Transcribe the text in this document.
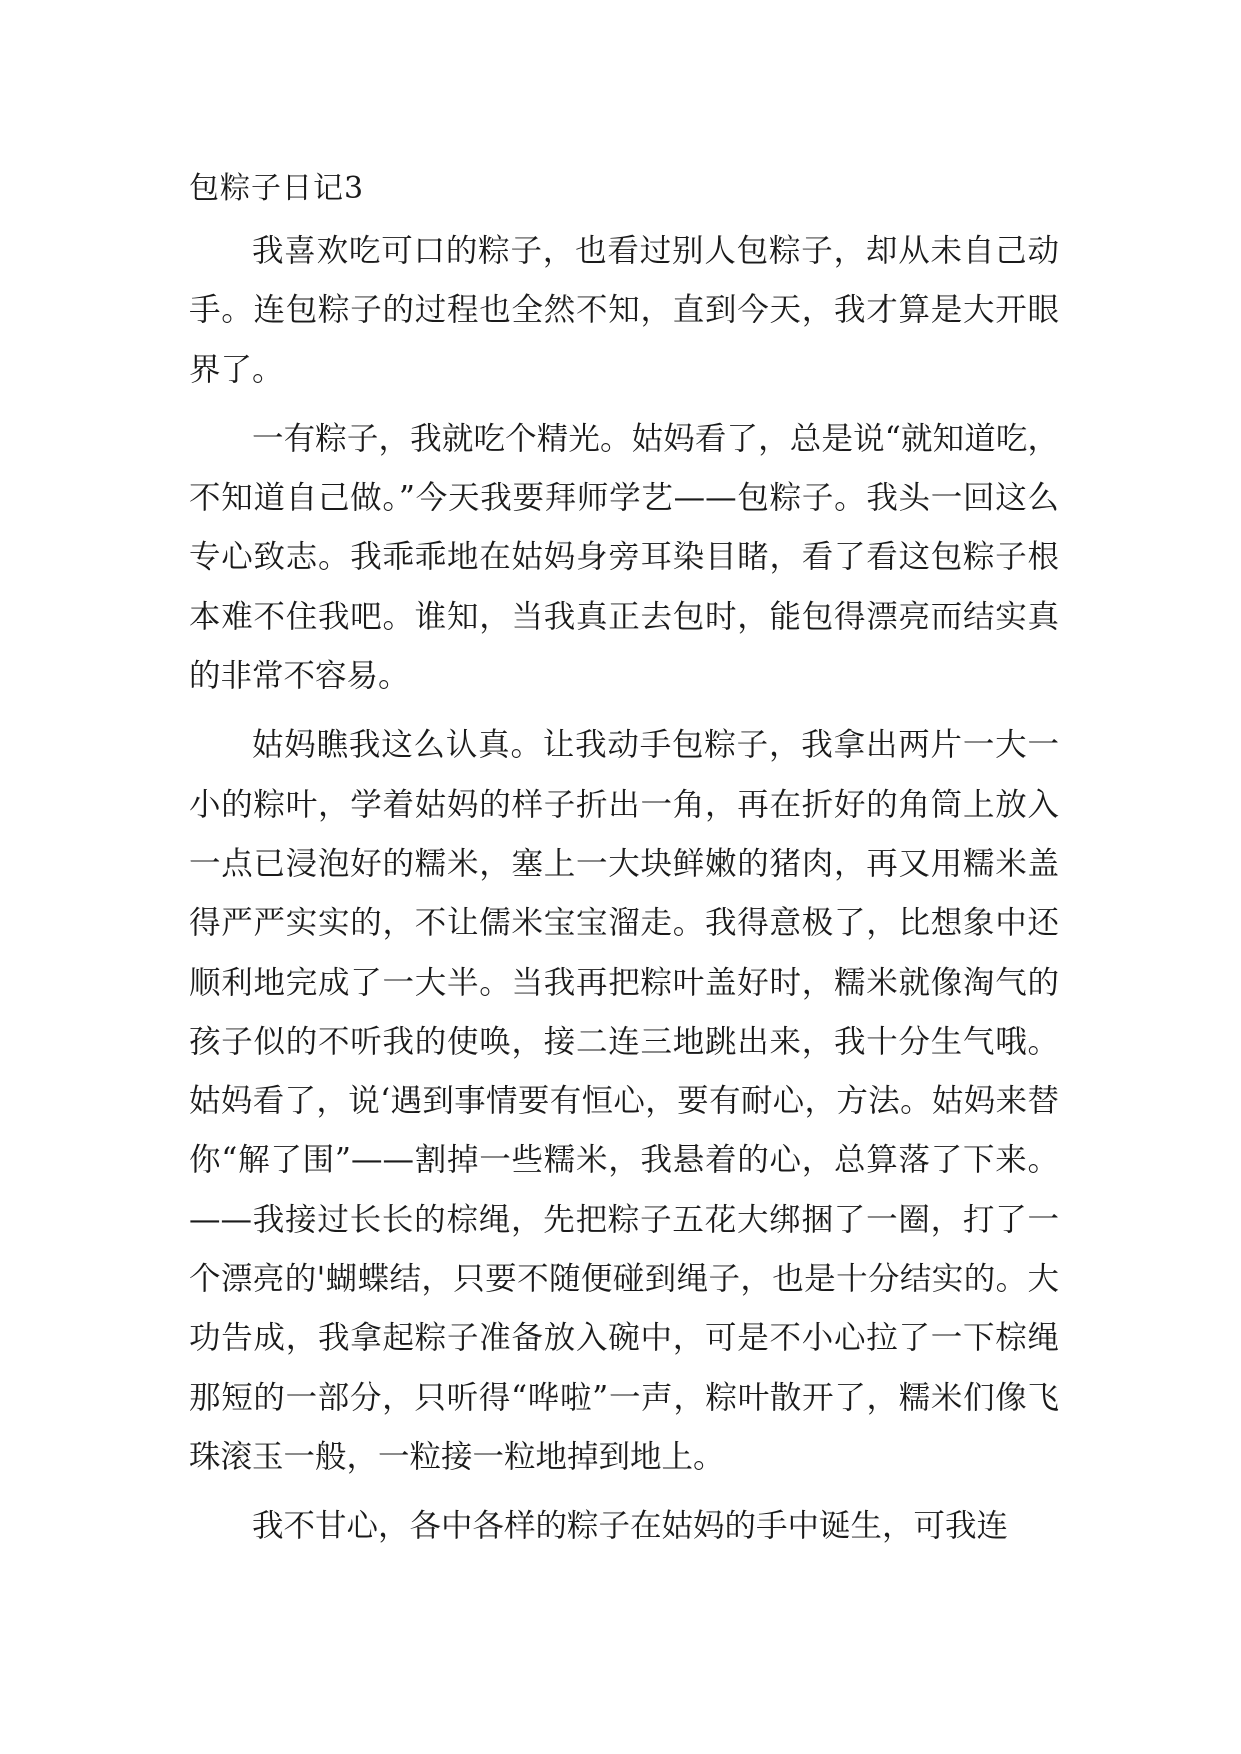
包粽子日记3

我喜欢吃可口的粽子，也看过别人包粽子，却从未自己动手。连包粽子的过程也全然不知，直到今天，我才算是大开眼界了。

一有粽子，我就吃个精光。姑妈看了，总是说“就知道吃，不知道自己做。”今天我要拜师学艺——包粽子。我头一回这么专心致志。我乖乖地在姑妈身旁耳染目睹，看了看这包粽子根本难不住我吧。谁知，当我真正去包时，能包得漂亮而结实真的非常不容易。

姑妈瞧我这么认真。让我动手包粽子，我拿出两片一大一小的粽叶，学着姑妈的样子折出一角，再在折好的角筒上放入一点已浸泡好的糯米，塞上一大块鲜嫩的猪肉，再又用糯米盖得严严实实的，不让儒米宝宝溜走。我得意极了，比想象中还顺利地完成了一大半。当我再把粽叶盖好时，糯米就像淘气的孩子似的不听我的使唤，接二连三地跳出来，我十分生气哦。姑妈看了，说‘遇到事情要有恒心，要有耐心，方法。姑妈来替你“解了围”——割掉一些糯米，我悬着的心，总算落了下来。——我接过长长的棕绳，先把粽子五花大绑捆了一圈，打了一个漂亮的'蝴蝶结，只要不随便碰到绳子，也是十分结实的。大功告成，我拿起粽子准备放入碗中，可是不小心拉了一下棕绳那短的一部分，只听得“哗啦”一声，粽叶散开了，糯米们像飞珠滚玉一般，一粒接一粒地掉到地上。

我不甘心，各中各样的粽子在姑妈的手中诞生，可我连
